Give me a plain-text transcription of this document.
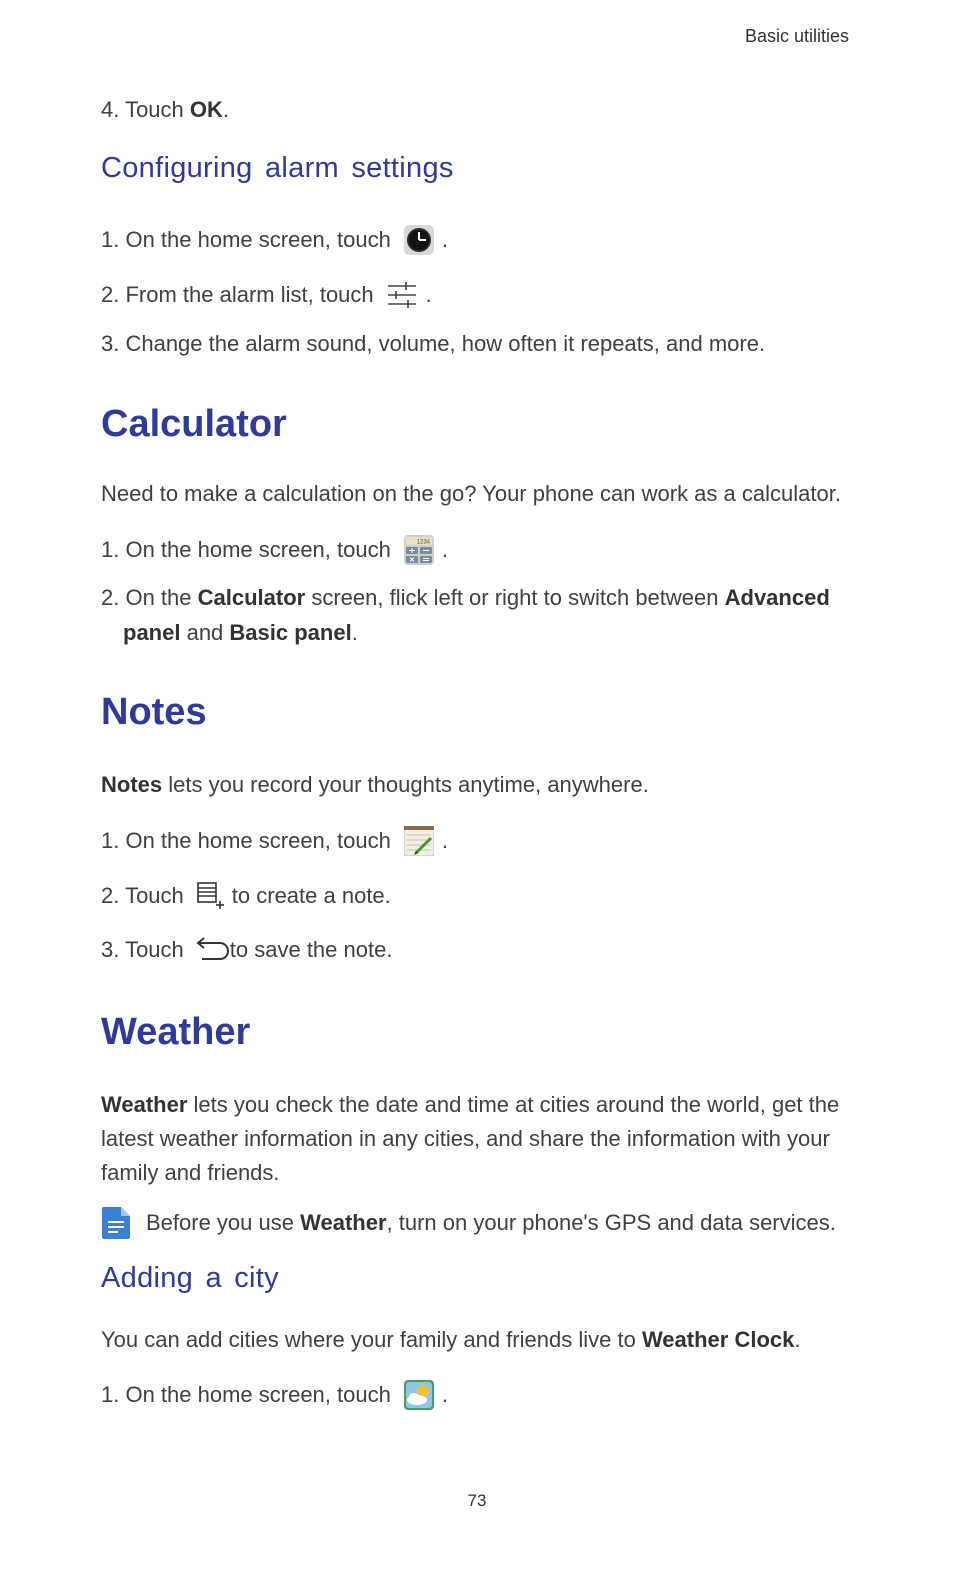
Basic utilities
4. Touch OK .
Configuring alarm settings
1. On the home screen, touch .
2. From the alarm list, touch .
3. Change the alarm sound, volume, how often it repeats, and more.
Calculator
Need to make a calculation on the go? Your phone can work as a calculator.
1. On the home screen, touch	1234 .
2. On the Calculator screen, flick left or right to switch between Advanced
panel and Basic panel.
Notes
Notes lets you record your thoughts anytime, anywhere.
1. On the home screen, touch .
2. Touch to create a note.
3. Touch to save the note.
Weather
Weather lets you check the date and time at cities around the world, get the
latest weather information in any cities, and share the information with your
family and friends.
Before you use Weather , turn on your phone's GPS and data services.
Adding a city
You can add cities where your family and friends live to Weather Clock.
1. On the home screen, touch .
73
